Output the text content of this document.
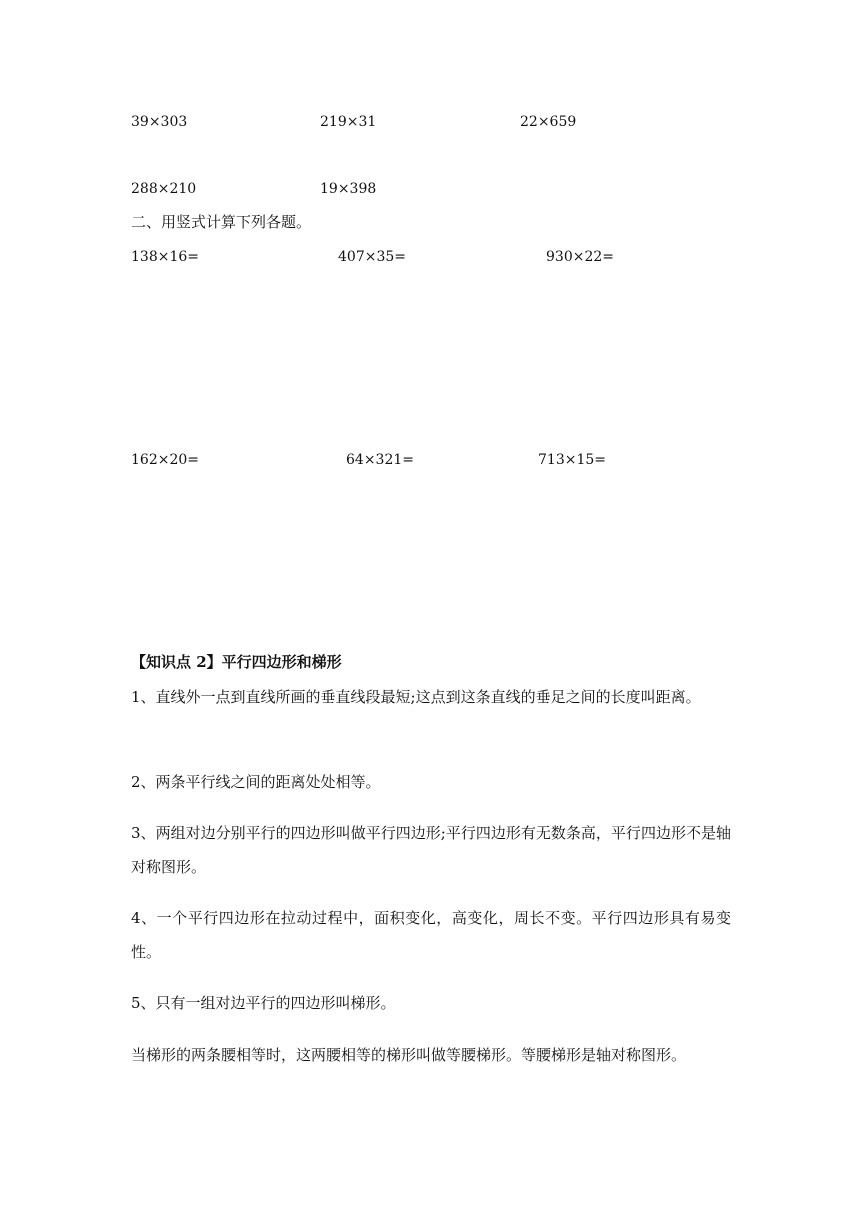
39×303	219×31	22×659
288×210	19×398
二、用竖式计算下列各题。
138×16=	407×35=	930×22=
162×20=	64×321=	713×15=
【知识点 2】平行四边形和梯形
1、直线外一点到直线所画的垂直线段最短;这点到这条直线的垂足之间的长度叫距离。
2、两条平行线之间的距离处处相等。
3、两组对边分别平行的四边形叫做平行四边形;平行四边形有无数条高，平行四边形不是轴对称图形。
4、一个平行四边形在拉动过程中，面积变化，高变化，周长不变。平行四边形具有易变性。
5、只有一组对边平行的四边形叫梯形。
当梯形的两条腰相等时，这两腰相等的梯形叫做等腰梯形。等腰梯形是轴对称图形。
